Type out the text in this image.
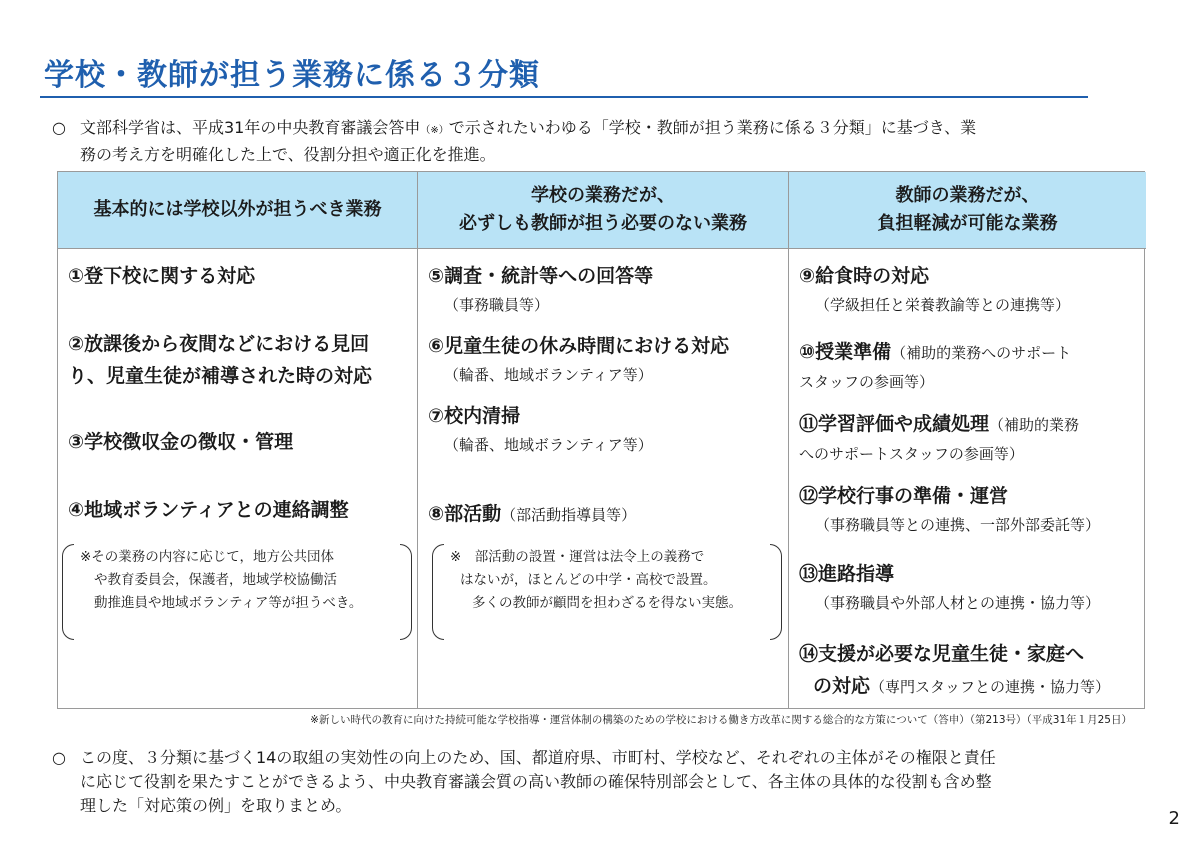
学校・教師が担う業務に係る３分類
○ 文部科学省は、平成31年の中央教育審議会答申（※）で示されたいわゆる「学校・教師が担う業務に係る３分類」に基づき、業
務の考え方を明確化した上で、役割分担や適正化を推進。
基本的には学校以外が担うべき業務
①登下校に関する対応
②放課後から夜間などにおける見回
り、児童生徒が補導された時の対応
③学校徴収金の徴収・管理
④地域ボランティアとの連絡調整
※その業務の内容に応じて，地方公共団体
や教育委員会，保護者，地域学校協働活
動推進員や地域ボランティア等が担うべき。
学校の業務だが、
必ずしも教師が担う必要のない業務
⑤調査・統計等への回答等
（事務職員等）
⑥児童生徒の休み時間における対応
（輪番、地域ボランティア等）
⑦校内清掃
（輪番、地域ボランティア等）
⑧部活動（部活動指導員等）
※　部活動の設置・運営は法令上の義務で
はないが，ほとんどの中学・高校で設置。
多くの教師が顧問を担わざるを得ない実態。
教師の業務だが、
負担軽減が可能な業務
⑨給食時の対応
（学級担任と栄養教諭等との連携等）
⑩授業準備（補助的業務へのサポート
スタッフの参画等）
⑪学習評価や成績処理（補助的業務
へのサポートスタッフの参画等）
⑫学校行事の準備・運営
（事務職員等との連携、一部外部委託等）
⑬進路指導
（事務職員や外部人材との連携・協力等）
⑭支援が必要な児童生徒・家庭へ
の対応（専門スタッフとの連携・協力等）
※新しい時代の教育に向けた持続可能な学校指導・運営体制の構築のための学校における働き方改革に関する総合的な方策について（答申）（第213号）（平成31年１月25日）
○ この度、３分類に基づく14の取組の実効性の向上のため、国、都道府県、市町村、学校など、それぞれの主体がその権限と責任
に応じて役割を果たすことができるよう、中央教育審議会質の高い教師の確保特別部会として、各主体の具体的な役割も含め整
理した「対応策の例」を取りまとめ。
2
